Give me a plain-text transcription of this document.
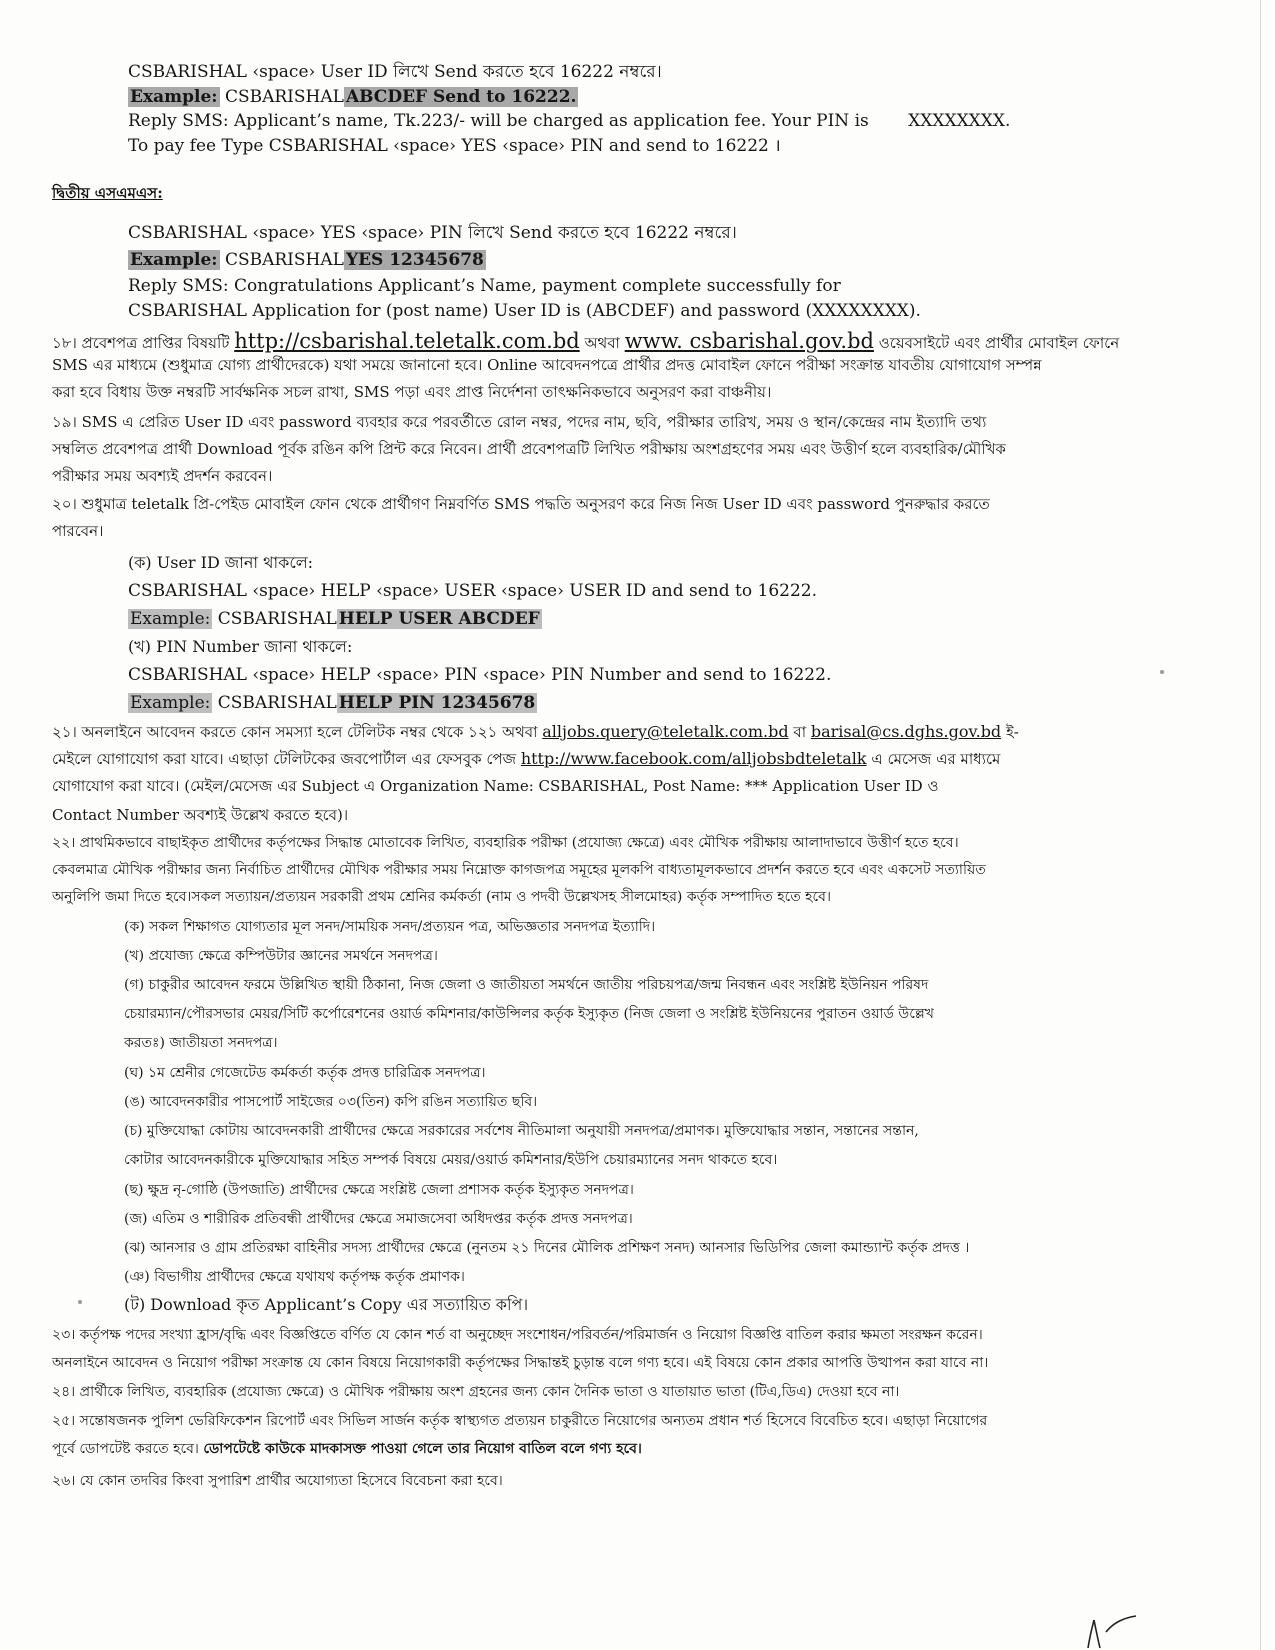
CSBARISHAL ‹space› User ID লিখে Send করতে হবে 16222 নম্বরে।
Example: CSBARISHAL ABCDEF Send to 16222.
Reply SMS: Applicant’s name, Tk.223/- will be charged as application fee. Your PIN is XXXXXXXX.
To pay fee Type CSBARISHAL ‹space› YES ‹space› PIN and send to 16222 ।
দ্বিতীয় এসএমএস:
CSBARISHAL ‹space› YES ‹space› PIN লিখে Send করতে হবে 16222 নম্বরে।
Example: CSBARISHAL YES 12345678
Reply SMS: Congratulations Applicant’s Name, payment complete successfully for
CSBARISHAL Application for (post name) User ID is (ABCDEF) and password (XXXXXXXX).
১৮। প্রবেশপত্র প্রাপ্তির বিষয়টি http://csbarishal.teletalk.com.bd অথবা www. csbarishal.gov.bd ওয়েবসাইটে এবং প্রার্থীর মোবাইল ফোনে
SMS এর মাধ্যমে (শুধুমাত্র যোগ্য প্রার্থীদেরকে) যথা সময়ে জানানো হবে। Online আবেদনপত্রে প্রার্থীর প্রদত্ত মোবাইল ফোনে পরীক্ষা সংক্রান্ত যাবতীয় যোগাযোগ সম্পন্ন
করা হবে বিধায় উক্ত নম্বরটি সার্বক্ষনিক সচল রাখা, SMS পড়া এবং প্রাপ্ত নির্দেশনা তাৎক্ষনিকভাবে অনুসরণ করা বাঞ্চনীয়।
১৯। SMS এ প্রেরিত User ID এবং password ব্যবহার করে পরবর্তীতে রোল নম্বর, পদের নাম, ছবি, পরীক্ষার তারিখ, সময় ও স্থান/কেন্দ্রের নাম ইত্যাদি তথ্য
সম্বলিত প্রবেশপত্র প্রার্থী Download পূর্বক রঙিন কপি প্রিন্ট করে নিবেন। প্রার্থী প্রবেশপত্রটি লিখিত পরীক্ষায় অংশগ্রহণের সময় এবং উত্তীর্ণ হলে ব্যবহারিক/মৌখিক
পরীক্ষার সময় অবশ্যই প্রদর্শন করবেন।
২০। শুধুমাত্র teletalk প্রি-পেইড মোবাইল ফোন থেকে প্রার্থীগণ নিম্নবর্ণিত SMS পদ্ধতি অনুসরণ করে নিজ নিজ User ID এবং password পুনরুদ্ধার করতে
পারবেন।
(ক) User ID জানা থাকলে:
CSBARISHAL ‹space› HELP ‹space› USER ‹space› USER ID and send to 16222.
Example: CSBARISHAL HELP USER ABCDEF
(খ) PIN Number জানা থাকলে:
CSBARISHAL ‹space› HELP ‹space› PIN ‹space› PIN Number and send to 16222.
Example: CSBARISHAL HELP PIN 12345678
২১। অনলাইনে আবেদন করতে কোন সমস্যা হলে টেলিটক নম্বর থেকে ১২১ অথবা alljobs.query@teletalk.com.bd বা barisal@cs.dghs.gov.bd ই-
মেইলে যোগাযোগ করা যাবে। এছাড়া টেলিটকের জবপোর্টাল এর ফেসবুক পেজ http://www.facebook.com/alljobsbdteletalk এ মেসেজ এর মাধ্যমে
যোগাযোগ করা যাবে। (মেইল/মেসেজ এর Subject এ Organization Name: CSBARISHAL, Post Name: *** Application User ID ও
Contact Number অবশ্যই উল্লেখ করতে হবে)।
২২। প্রাথমিকভাবে বাছাইকৃত প্রার্থীদের কর্তৃপক্ষের সিদ্ধান্ত মোতাবেক লিখিত, ব্যবহারিক পরীক্ষা (প্রযোজ্য ক্ষেত্রে) এবং মৌখিক পরীক্ষায় আলাদাভাবে উত্তীর্ণ হতে হবে।
কেবলমাত্র মৌখিক পরীক্ষার জন্য নির্বাচিত প্রার্থীদের মৌখিক পরীক্ষার সময় নিম্নোক্ত কাগজপত্র সমূহের মূলকপি বাধ্যতামূলকভাবে প্রদর্শন করতে হবে এবং একসেট সত্যায়িত
অনুলিপি জমা দিতে হবে।সকল সত্যায়ন/প্রত্যয়ন সরকারী প্রথম শ্রেনির কর্মকর্তা (নাম ও পদবী উল্লেখসহ সীলমোহর) কর্তৃক সম্পাদিত হতে হবে।
(ক) সকল শিক্ষাগত যোগ্যতার মূল সনদ/সাময়িক সনদ/প্রত্যয়ন পত্র, অভিজ্ঞতার সনদপত্র ইত্যাদি।
(খ) প্রযোজ্য ক্ষেত্রে কম্পিউটার জ্ঞানের সমর্থনে সনদপত্র।
(গ) চাকুরীর আবেদন ফরমে উল্লিখিত স্থায়ী ঠিকানা, নিজ জেলা ও জাতীয়তা সমর্থনে জাতীয় পরিচয়পত্র/জন্ম নিবন্ধন এবং সংশ্লিষ্ট ইউনিয়ন পরিষদ
চেয়ারম্যান/পৌরসভার মেয়র/সিটি কর্পোরেশনের ওয়ার্ড কমিশনার/কাউন্সিলর কর্তৃক ইস্যুকৃত (নিজ জেলা ও সংশ্লিষ্ট ইউনিয়নের পুরাতন ওয়ার্ড উল্লেখ
করতঃ) জাতীয়তা সনদপত্র।
(ঘ) ১ম শ্রেনীর গেজেটেড কর্মকর্তা কর্তৃক প্রদত্ত চারিত্রিক সনদপত্র।
(ঙ) আবেদনকারীর পাসপোর্ট সাইজের ০৩(তিন) কপি রঙিন সত্যায়িত ছবি।
(চ) মুক্তিযোদ্ধা কোটায় আবেদনকারী প্রার্থীদের ক্ষেত্রে সরকারের সর্বশেষ নীতিমালা অনুযায়ী সনদপত্র/প্রমাণক। মুক্তিযোদ্ধার সন্তান, সন্তানের সন্তান,
কোটার আবেদনকারীকে মুক্তিযোদ্ধার সহিত সম্পর্ক বিষয়ে মেয়র/ওয়ার্ড কমিশনার/ইউপি চেয়ারম্যানের সনদ থাকতে হবে।
(ছ) ক্ষুদ্র নৃ-গোষ্ঠি (উপজাতি) প্রার্থীদের ক্ষেত্রে সংশ্লিষ্ট জেলা প্রশাসক কর্তৃক ইস্যুকৃত সনদপত্র।
(জ) এতিম ও শারীরিক প্রতিবন্ধী প্রার্থীদের ক্ষেত্রে সমাজসেবা অধিদপ্তর কর্তৃক প্রদত্ত সনদপত্র।
(ঝ) আনসার ও গ্রাম প্রতিরক্ষা বাহিনীর সদস্য প্রার্থীদের ক্ষেত্রে (নুনতম ২১ দিনের মৌলিক প্রশিক্ষণ সনদ) আনসার ভিডিপির জেলা কমান্ড্যান্ট কর্তৃক প্রদত্ত ।
(ঞ) বিভাগীয় প্রার্থীদের ক্ষেত্রে যথাযথ কর্তৃপক্ষ কর্তৃক প্রমাণক।
(ট) Download কৃত Applicant’s Copy এর সত্যায়িত কপি।
২৩। কর্তৃপক্ষ পদের সংখ্যা হ্রাস/বৃদ্ধি এবং বিজ্ঞপ্তিতে বর্ণিত যে কোন শর্ত বা অনুচ্ছেদ সংশোধন/পরিবর্তন/পরিমার্জন ও নিয়োগ বিজ্ঞপ্তি বাতিল করার ক্ষমতা সংরক্ষন করেন।
অনলাইনে আবেদন ও নিয়োগ পরীক্ষা সংক্রান্ত যে কোন বিষয়ে নিয়োগকারী কর্তৃপক্ষের সিদ্ধান্তই চুড়ান্ত বলে গণ্য হবে। এই বিষয়ে কোন প্রকার আপত্তি উত্থাপন করা যাবে না।
২৪। প্রার্থীকে লিখিত, ব্যবহারিক (প্রযোজ্য ক্ষেত্রে) ও মৌখিক পরীক্ষায় অংশ গ্রহনের জন্য কোন দৈনিক ভাতা ও যাতায়াত ভাতা (টিএ,ডিএ) দেওয়া হবে না।
২৫। সন্তোষজনক পুলিশ ভেরিফিকেশন রিপোর্ট এবং সিভিল সার্জন কর্তৃক স্বাস্থ্যগত প্রত্যয়ন চাকুরীতে নিয়োগের অন্যতম প্রধান শর্ত হিসেবে বিবেচিত হবে। এছাড়া নিয়োগের
পূর্বে ডোপটেষ্ট করতে হবে। ডোপটেষ্টে কাউকে মাদকাসক্ত পাওয়া গেলে তার নিয়োগ বাতিল বলে গণ্য হবে।
২৬। যে কোন তদবির কিংবা সুপারিশ প্রার্থীর অযোগ্যতা হিসেবে বিবেচনা করা হবে।
